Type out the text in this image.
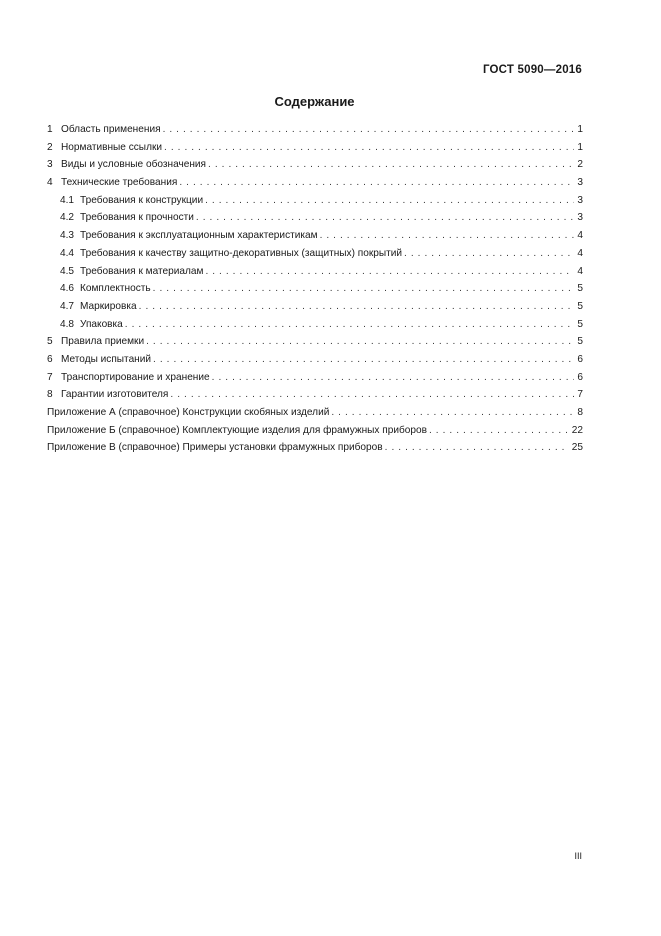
ГОСТ 5090—2016
Содержание
1 Область применения . . .	1
2 Нормативные ссылки . . .	1
3 Виды и условные обозначения . . .	2
4 Технические требования . . .	3
4.1 Требования к конструкции . . .	3
4.2 Требования к прочности . . .	3
4.3 Требования к эксплуатационным характеристикам . . .	4
4.4 Требования к качеству защитно-декоративных (защитных) покрытий . . .	4
4.5 Требования к материалам . . .	4
4.6 Комплектность . . .	5
4.7 Маркировка . . .	5
4.8 Упаковка . . .	5
5 Правила приемки . . .	5
6 Методы испытаний . . .	6
7 Транспортирование и хранение . . .	6
8 Гарантии изготовителя . . .	7
Приложение А (справочное) Конструкции скобяных изделий . . .	8
Приложение Б (справочное) Комплектующие изделия для фрамужных приборов . . .	22
Приложение В (справочное) Примеры установки фрамужных приборов . . .	25
III
